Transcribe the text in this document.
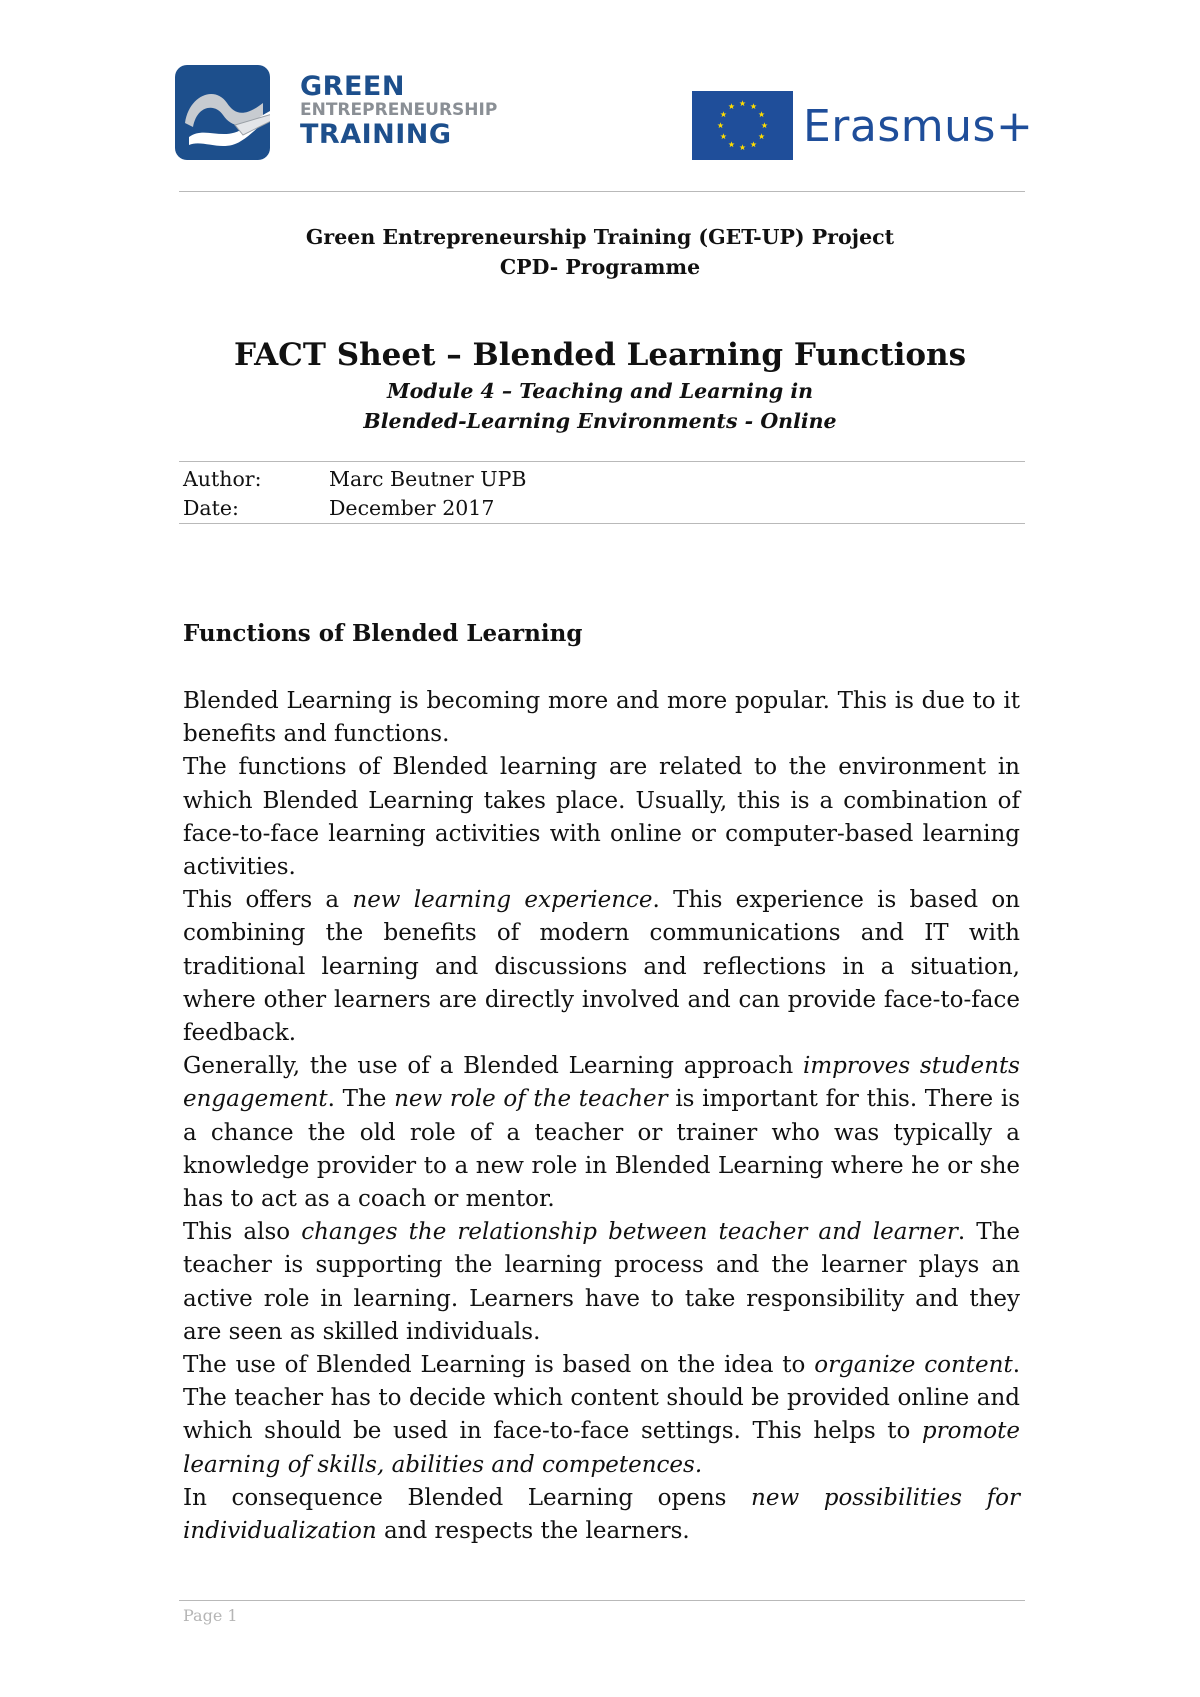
GREEN
ENTREPRENEURSHIP
TRAINING	Erasmus+
Green Entrepreneurship Training (GET-UP) Project
CPD- Programme
FACT Sheet – Blended Learning Functions
Module 4 – Teaching and Learning in
Blended-Learning Environments - Online
Author:	Marc Beutner UPB
Date:	December 2017
Functions of Blended Learning

Blended Learning is becoming more and more popular. This is due to it benefits and functions.

The functions of Blended learning are related to the environment in which Blended Learning takes place. Usually, this is a combination of face-to-face learning activities with online or computer-based learning activities.

This offers a new learning experience. This experience is based on combining the benefits of modern communications and IT with traditional learning and discussions and reflections in a situation, where other learners are directly involved and can provide face-to-face feedback.

Generally, the use of a Blended Learning approach improves students engagement. The new role of the teacher is important for this. There is a chance the old role of a teacher or trainer who was typically a knowledge provider to a new role in Blended Learning where he or she has to act as a coach or mentor.

This also changes the relationship between teacher and learner. The teacher is supporting the learning process and the learner plays an active role in learning. Learners have to take responsibility and they are seen as skilled individuals.

The use of Blended Learning is based on the idea to organize content. The teacher has to decide which content should be provided online and which should be used in face-to-face settings. This helps to promote learning of skills, abilities and competences.

In consequence Blended Learning opens new possibilities for individualization and respects the learners.

Page 1
